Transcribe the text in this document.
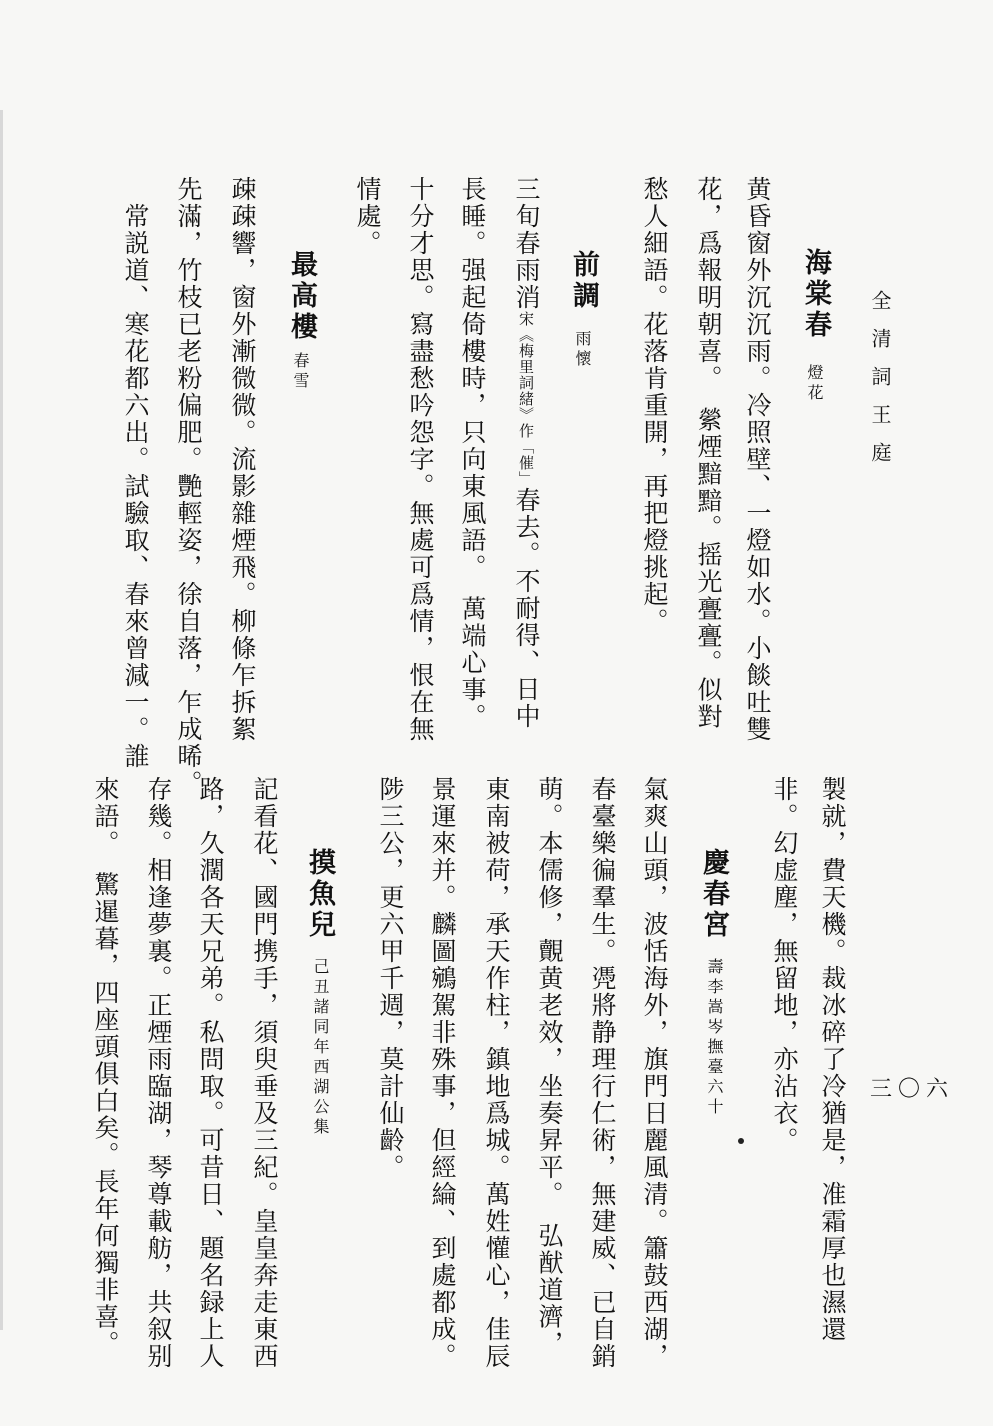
全清詞王庭
三〇六
海棠春
燈花
黄昏窗外沉沉雨。冷照壁、一燈如水。小餤吐雙
花，爲報明朝喜。　縈煙黯黯。摇光亹亹。似對
愁人細語。花落肯重開，再把燈挑起。
前調
雨懷
三旬春雨消宋《梅里詞緒》作「催」春去。不耐得、日中
長睡。强起倚樓時，只向東風語。　萬端心事。
十分才思。寫盡愁吟怨字。無處可爲情，恨在無
情處。
最高樓
春雪
疎疎響，窗外漸微微。流影雜煙飛。柳條乍拆絮
先滿，竹枝已老粉偏肥。艷輕姿，徐自落，乍成晞。
　常説道、寒花都六出。試驗取、春來曾減一。誰
製就，費天機。裁冰碎了冷猶是，准霜厚也濕還
非。幻虚塵，無留地，亦沾衣。
慶春宮
壽李嵩岑撫臺六十
氣爽山頭，波恬海外，旗門日麗風清。簫鼓西湖，
春臺樂徧羣生。凴將静理行仁術，無建威、已自銷
萌。本儒修，覿黄老效，坐奏昇平。　弘猷道濟，
東南被荷，承天作柱，鎮地爲城。萬姓懽心，佳辰
景運來并。麟圖鵷駕非殊事，但經綸、到處都成。
陟三公，更六甲千週，莫計仙齡。
摸魚兒
己丑諸同年西湖公集
記看花、國門携手，須臾垂及三紀。皇皇奔走東西
路，久濶各天兄弟。私問取。可昔日、題名録上人
存幾。相逢夢裏。正煙雨臨湖，琴尊載舫，共叙别
來語。　驚暹暮，四座頭俱白矣。長年何獨非喜。
